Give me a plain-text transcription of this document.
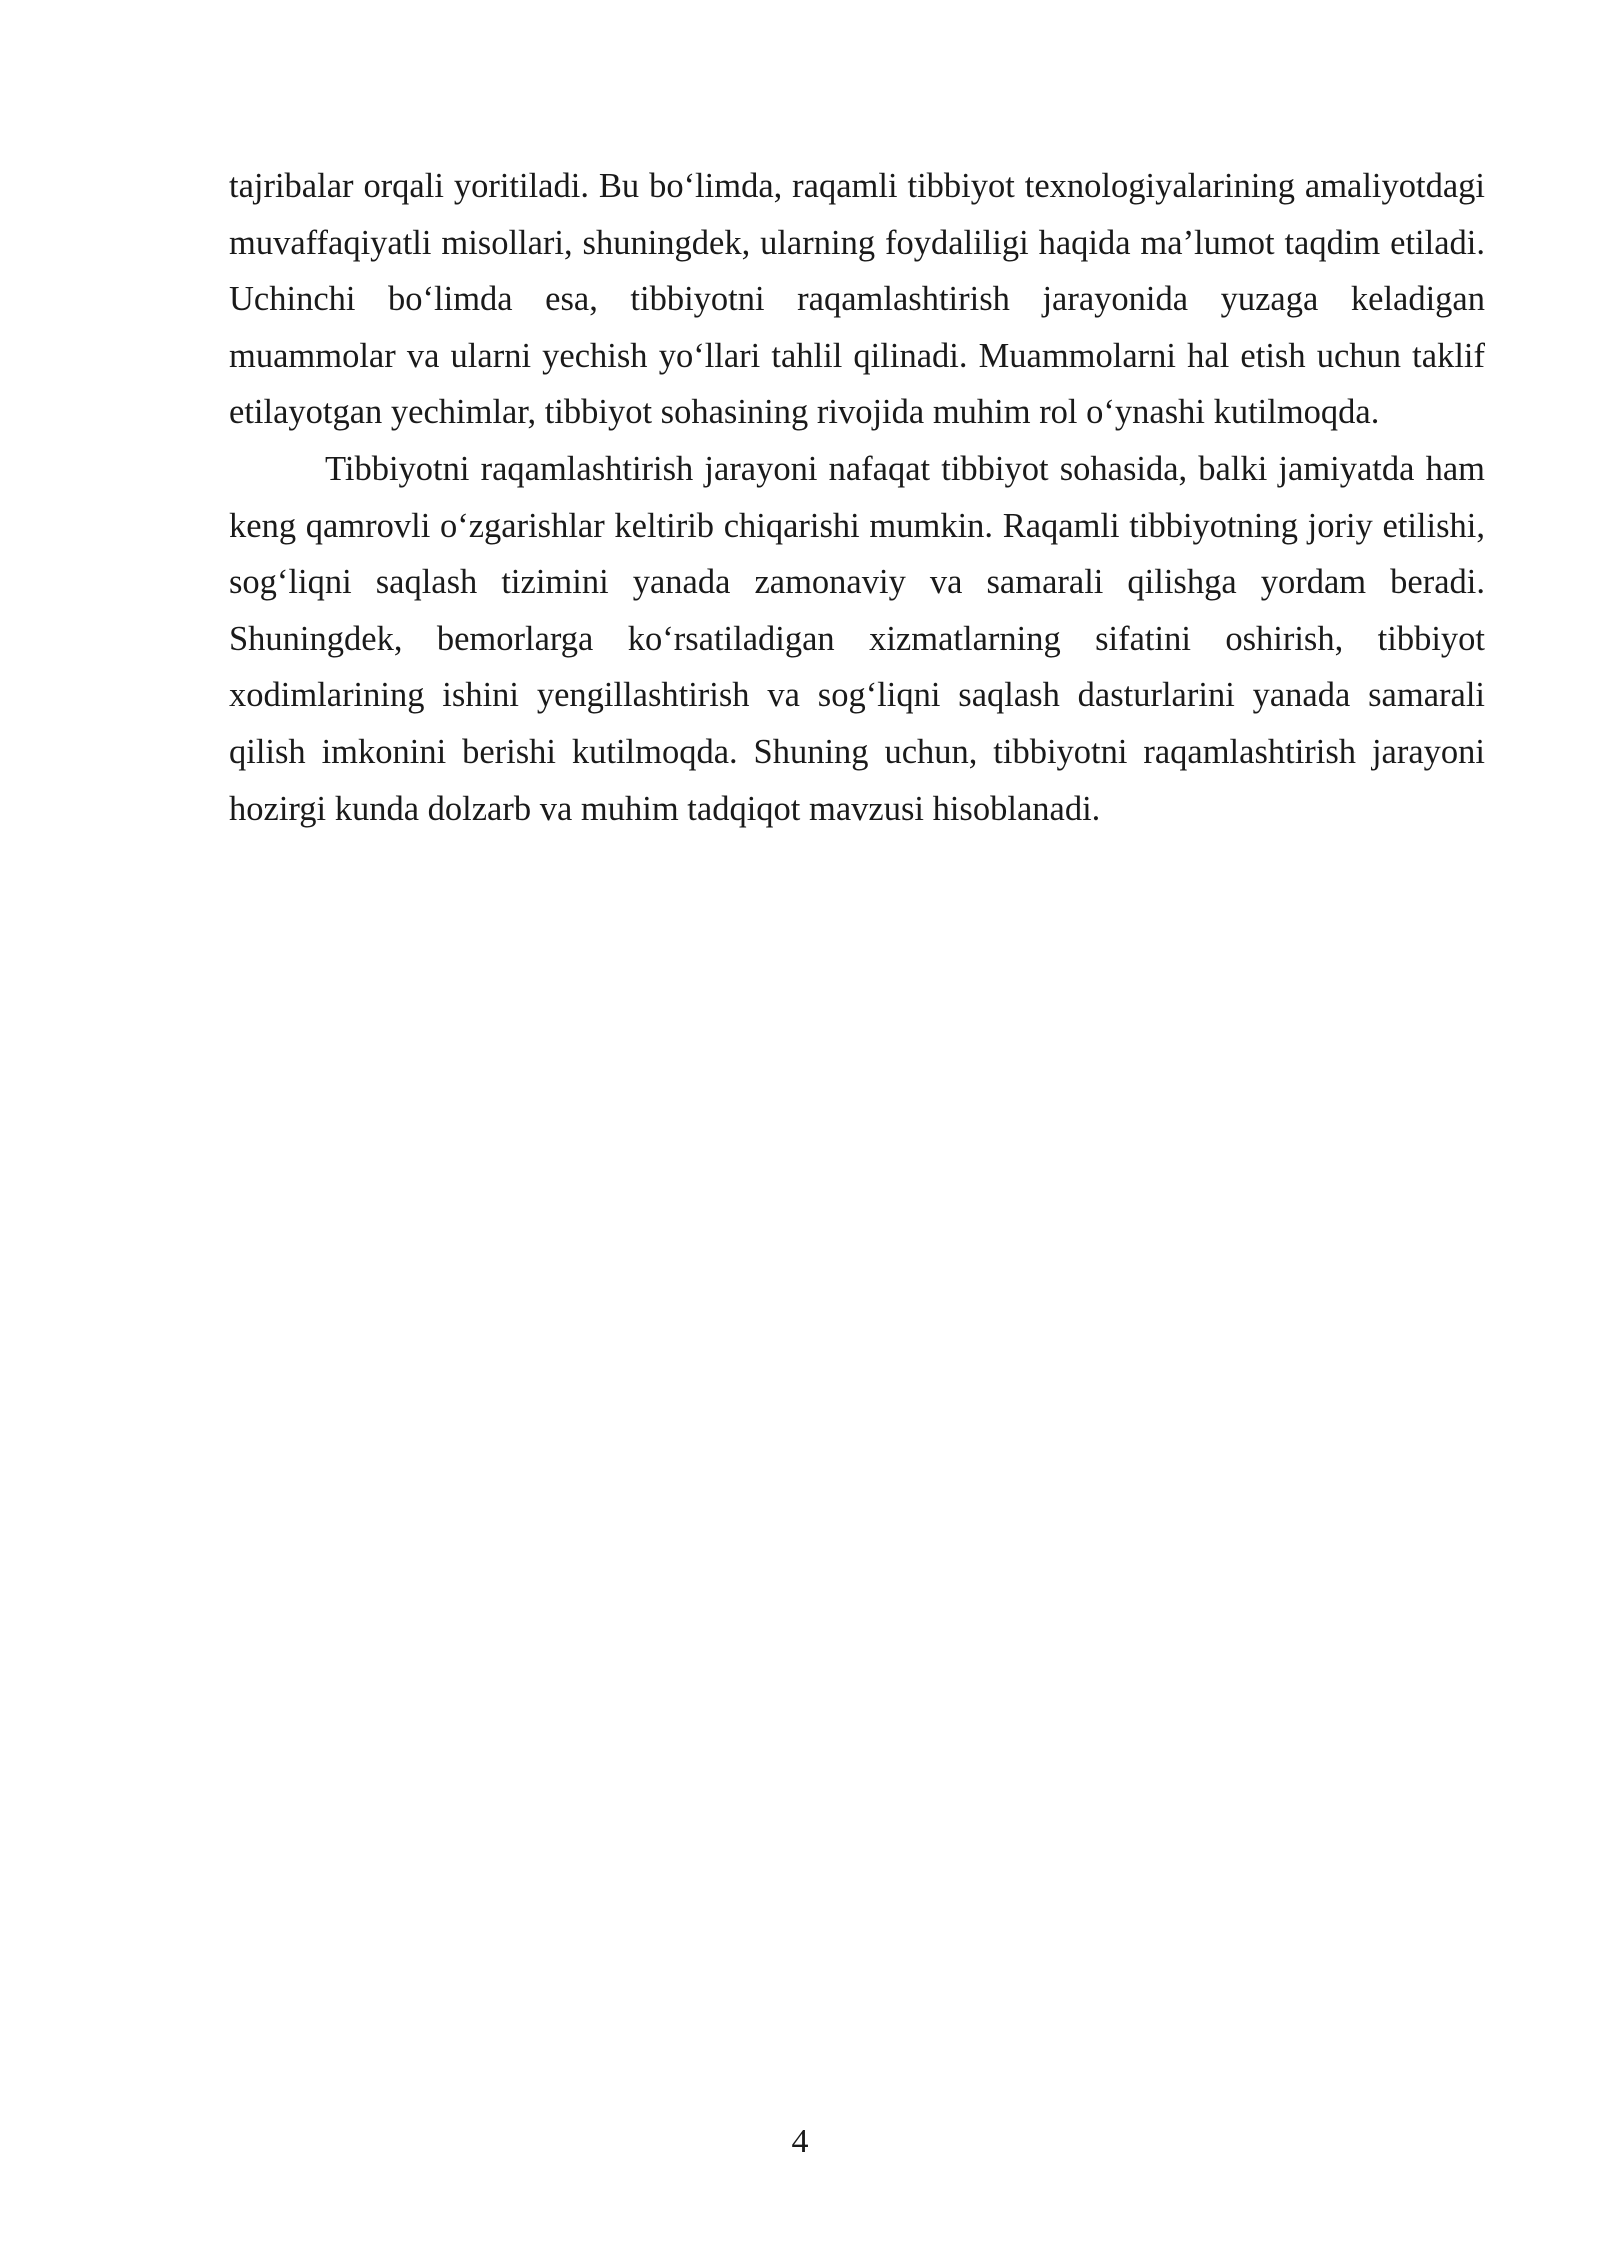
tajribalar orqali yoritiladi. Bu bo‘limda, raqamli tibbiyot texnologiyalarining amaliyotdagi muvaffaqiyatli misollari, shuningdek, ularning foydaliligi haqida ma’lumot taqdim etiladi. Uchinchi bo‘limda esa, tibbiyotni raqamlashtirish jarayonida yuzaga keladigan muammolar va ularni yechish yo‘llari tahlil qilinadi. Muammolarni hal etish uchun taklif etilayotgan yechimlar, tibbiyot sohasining rivojida muhim rol o‘ynashi kutilmoqda.

Tibbiyotni raqamlashtirish jarayoni nafaqat tibbiyot sohasida, balki jamiyatda ham keng qamrovli o‘zgarishlar keltirib chiqarishi mumkin. Raqamli tibbiyotning joriy etilishi, sog‘liqni saqlash tizimini yanada zamonaviy va samarali qilishga yordam beradi. Shuningdek, bemorlarga ko‘rsatiladigan xizmatlarning sifatini oshirish, tibbiyot xodimlarining ishini yengillashtirish va sog‘liqni saqlash dasturlarini yanada samarali qilish imkonini berishi kutilmoqda. Shuning uchun, tibbiyotni raqamlashtirish jarayoni hozirgi kunda dolzarb va muhim tadqiqot mavzusi hisoblanadi.

4
